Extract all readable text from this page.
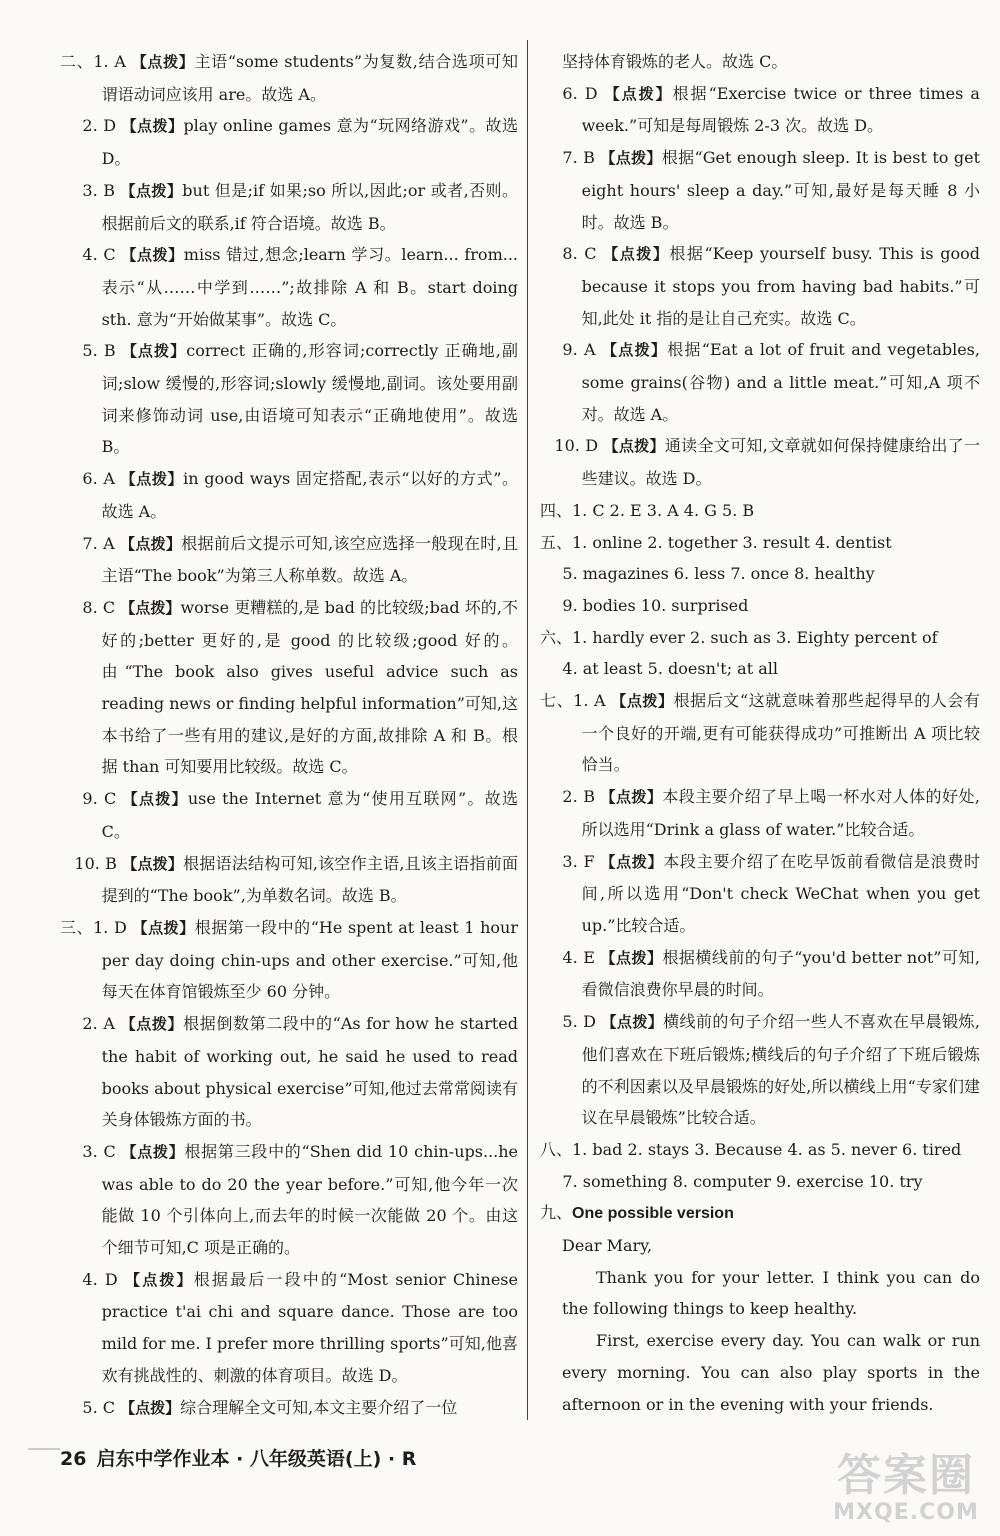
二、1. A 【点拨】主语“some students”为复数,结合选项可知谓语动词应该用 are。故选 A。
2. D 【点拨】play online games 意为“玩网络游戏”。故选 D。
3. B 【点拨】but 但是;if 如果;so 所以,因此;or 或者,否则。根据前后文的联系,if 符合语境。故选 B。
4. C 【点拨】miss 错过,想念;learn 学习。learn... from...表示“从……中学到……”;故排除 A 和 B。start doing sth. 意为“开始做某事”。故选 C。
5. B 【点拨】correct 正确的,形容词;correctly 正确地,副词;slow 缓慢的,形容词;slowly 缓慢地,副词。该处要用副词来修饰动词 use,由语境可知表示“正确地使用”。故选 B。
6. A 【点拨】in good ways 固定搭配,表示“以好的方式”。故选 A。
7. A 【点拨】根据前后文提示可知,该空应选择一般现在时,且主语“The book”为第三人称单数。故选 A。
8. C 【点拨】worse 更糟糕的,是 bad 的比较级;bad 坏的,不好的;better 更好的,是 good 的比较级;good 好的。由“The book also gives useful advice such as reading news or finding helpful information”可知,这本书给了一些有用的建议,是好的方面,故排除 A 和 B。根据 than 可知要用比较级。故选 C。
9. C 【点拨】use the Internet 意为“使用互联网”。故选 C。
10. B 【点拨】根据语法结构可知,该空作主语,且该主语指前面提到的“The book”,为单数名词。故选 B。
三、1. D 【点拨】根据第一段中的“He spent at least 1 hour per day doing chin-ups and other exercise.”可知,他每天在体育馆锻炼至少 60 分钟。
2. A 【点拨】根据倒数第二段中的“As for how he started the habit of working out, he said he used to read books about physical exercise”可知,他过去常常阅读有关身体锻炼方面的书。
3. C 【点拨】根据第三段中的“Shen did 10 chin-ups...he was able to do 20 the year before.”可知,他今年一次能做 10 个引体向上,而去年的时候一次能做 20 个。由这个细节可知,C 项是正确的。
4. D 【点拨】根据最后一段中的“Most senior Chinese practice t'ai chi and square dance. Those are too mild for me. I prefer more thrilling sports”可知,他喜欢有挑战性的、刺激的体育项目。故选 D。
5. C 【点拨】综合理解全文可知,本文主要介绍了一位
坚持体育锻炼的老人。故选 C。
6. D 【点拨】根据“Exercise twice or three times a week.”可知是每周锻炼 2-3 次。故选 D。
7. B 【点拨】根据“Get enough sleep. It is best to get eight hours' sleep a day.”可知,最好是每天睡 8 小时。故选 B。
8. C 【点拨】根据“Keep yourself busy. This is good because it stops you from having bad habits.”可知,此处 it 指的是让自己充实。故选 C。
9. A 【点拨】根据“Eat a lot of fruit and vegetables, some grains(谷物) and a little meat.”可知,A 项不对。故选 A。
10. D 【点拨】通读全文可知,文章就如何保持健康给出了一些建议。故选 D。
四、1. C 2. E 3. A 4. G 5. B
五、1. online 2. together 3. result 4. dentist
5. magazines 6. less 7. once 8. healthy
9. bodies 10. surprised
六、1. hardly ever 2. such as 3. Eighty percent of
4. at least 5. doesn't; at all
七、1. A 【点拨】根据后文“这就意味着那些起得早的人会有一个良好的开端,更有可能获得成功”可推断出 A 项比较恰当。
2. B 【点拨】本段主要介绍了早上喝一杯水对人体的好处,所以选用“Drink a glass of water.”比较合适。
3. F 【点拨】本段主要介绍了在吃早饭前看微信是浪费时间,所以选用“Don't check WeChat when you get up.”比较合适。
4. E 【点拨】根据横线前的句子“you'd better not”可知,看微信浪费你早晨的时间。
5. D 【点拨】横线前的句子介绍一些人不喜欢在早晨锻炼,他们喜欢在下班后锻炼;横线后的句子介绍了下班后锻炼的不利因素以及早晨锻炼的好处,所以横线上用“专家们建议在早晨锻炼”比较合适。
八、1. bad 2. stays 3. Because 4. as 5. never 6. tired
7. something 8. computer 9. exercise 10. try
九、One possible version
Dear Mary,
Thank you for your letter. I think you can do the following things to keep healthy.
First, exercise every day. You can walk or run every morning. You can also play sports in the afternoon or in the evening with your friends.
26 启东中学作业本 · 八年级英语(上) · R	答案圈
MXQE.COM
